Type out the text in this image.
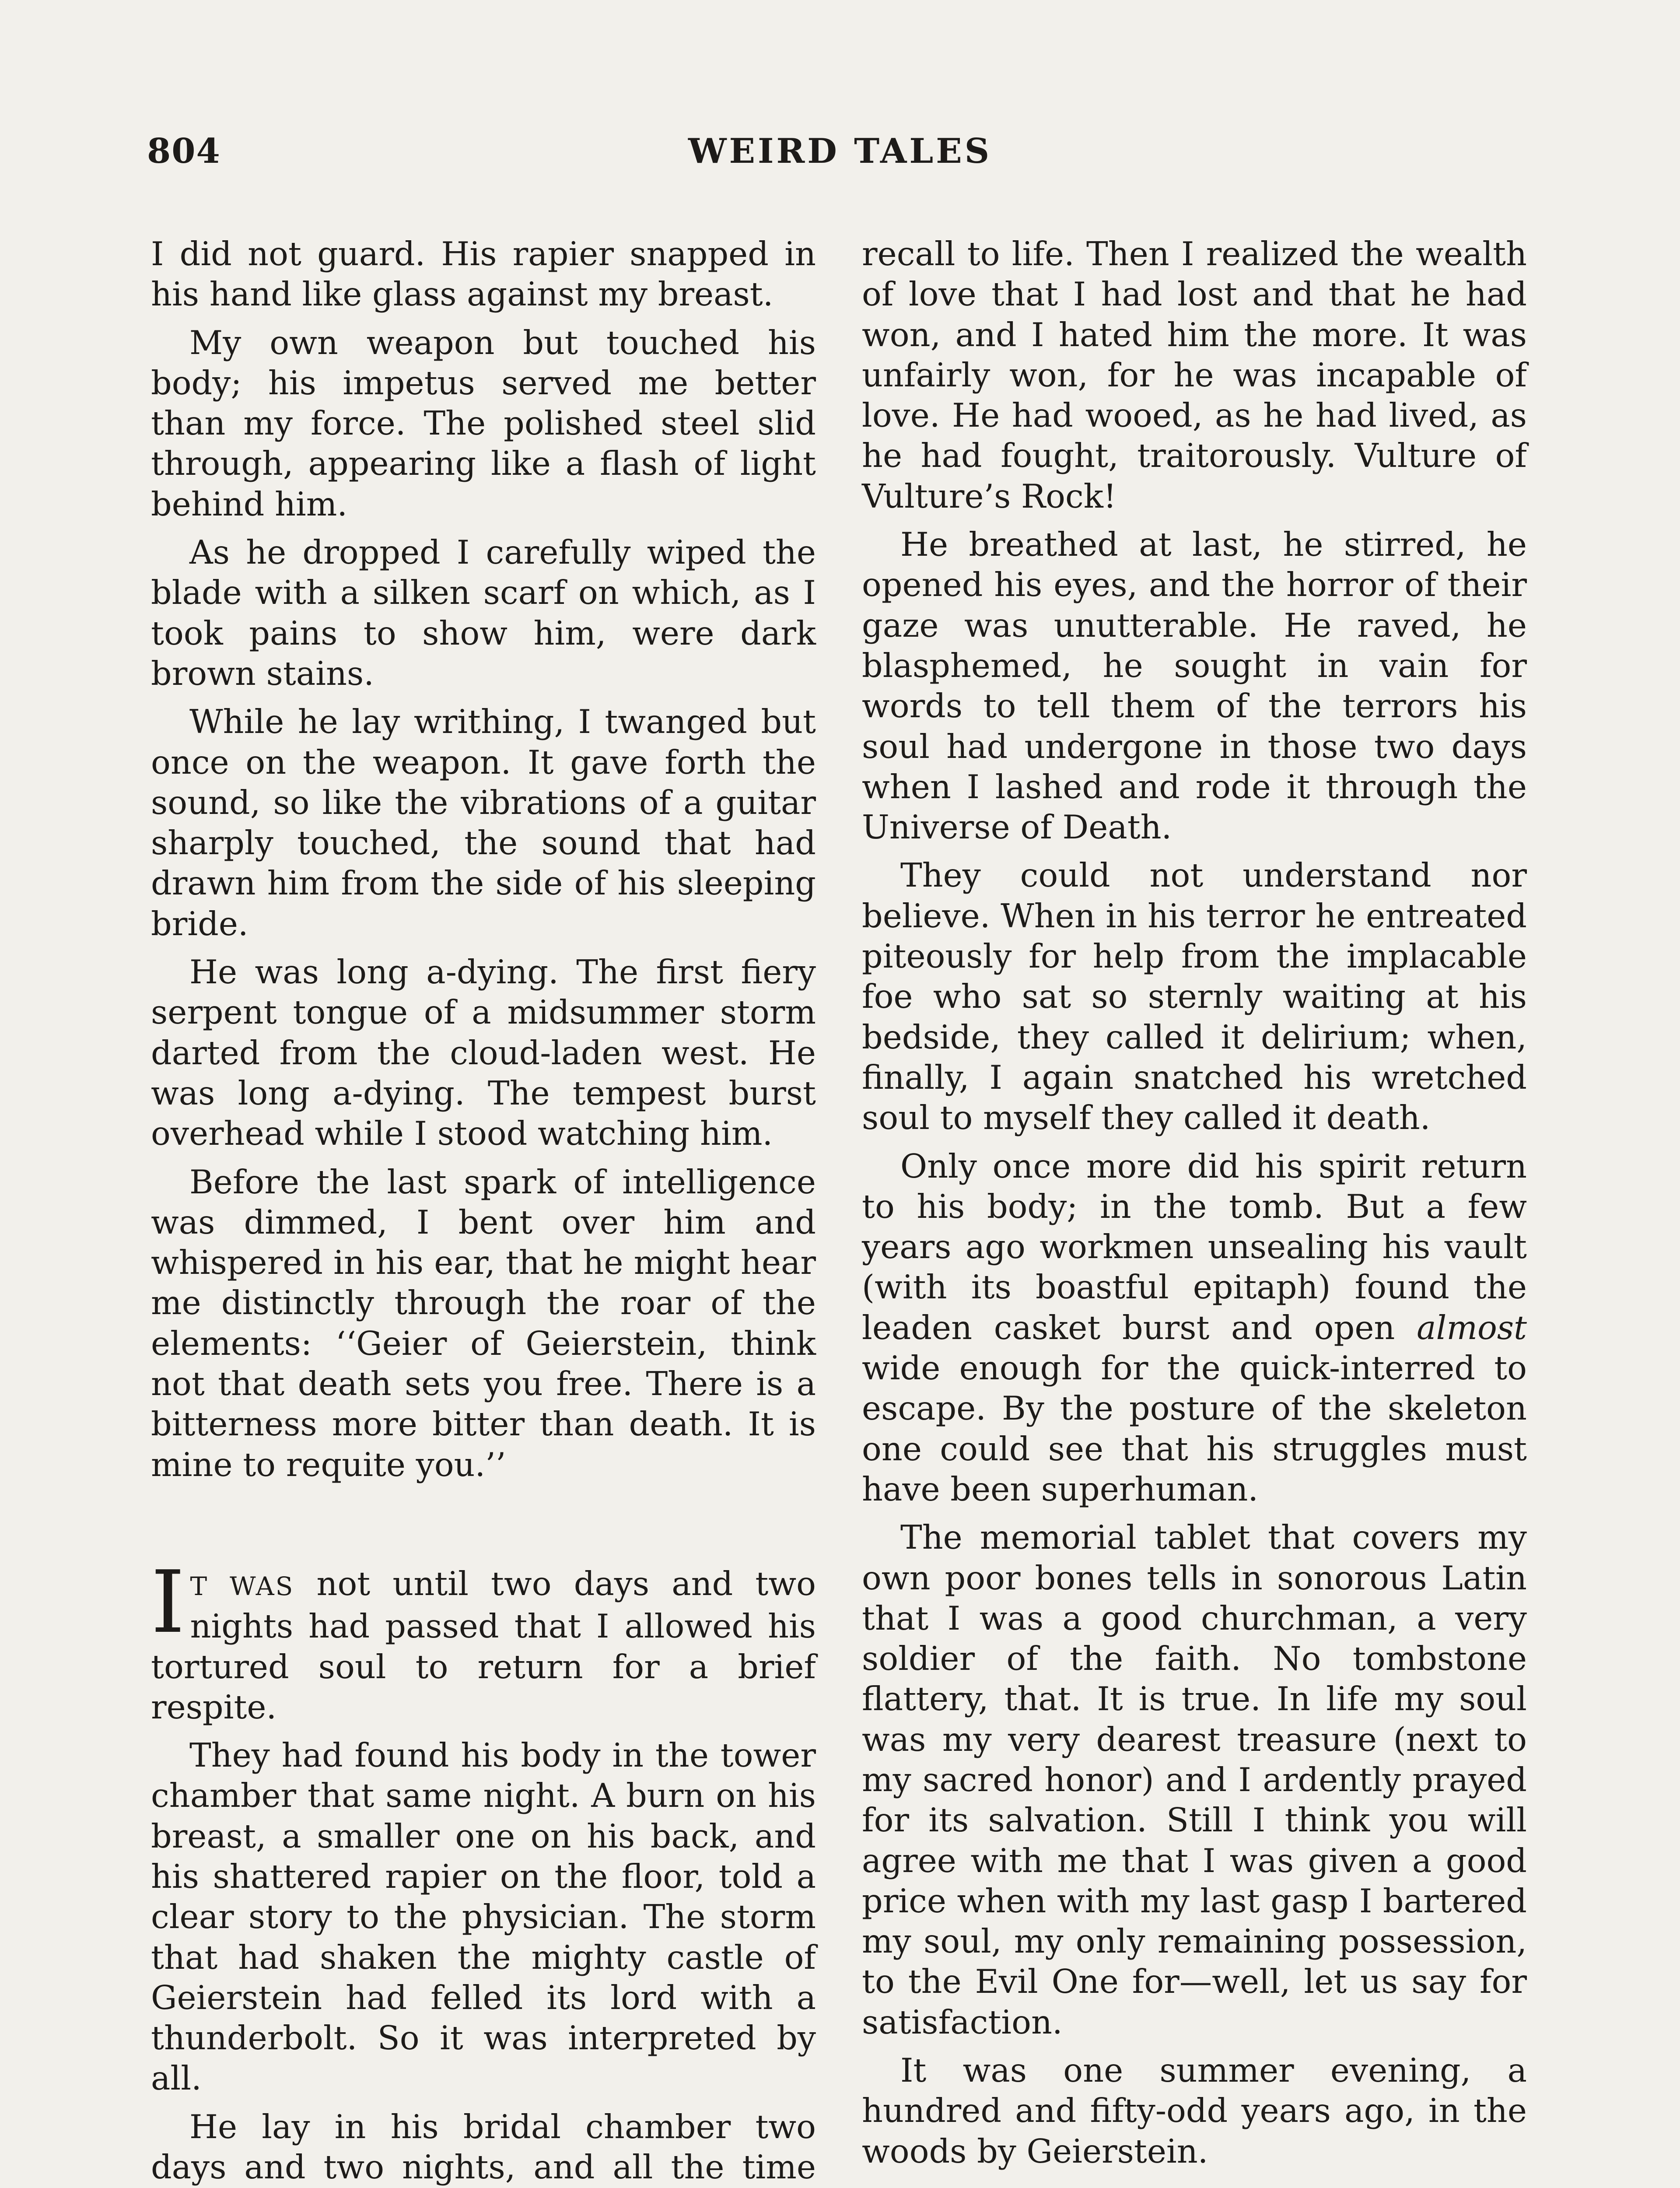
804	WEIRD TALES

I did not guard. His rapier snapped in his hand like glass against my breast.

My own weapon but touched his body; his impetus served me better than my force. The polished steel slid through, appearing like a flash of light behind him.

As he dropped I carefully wiped the blade with a silken scarf on which, as I took pains to show him, were dark brown stains.

While he lay writhing, I twanged but once on the weapon. It gave forth the sound, so like the vibrations of a guitar sharply touched, the sound that had drawn him from the side of his sleeping bride.

He was long a-dying. The first fiery serpent tongue of a midsummer storm darted from the cloud-laden west. He was long a-dying. The tempest burst overhead while I stood watching him.

Before the last spark of intelligence was dimmed, I bent over him and whispered in his ear, that he might hear me distinctly through the roar of the elements: ‘‘Geier of Geierstein, think not that death sets you free. There is a bitterness more bitter than death. It is mine to requite you.’’

I T WAS not until two days and two nights had passed that I allowed his tortured soul to return for a brief respite.

They had found his body in the tower chamber that same night. A burn on his breast, a smaller one on his back, and his shattered rapier on the floor, told a clear story to the physician. The storm that had shaken the mighty castle of Geierstein had felled its lord with a thunderbolt. So it was interpreted by all.

He lay in his bridal chamber two days and two nights, and all the time

recall to life. Then I realized the wealth of love that I had lost and that he had won, and I hated him the more. It was unfairly won, for he was incapable of love. He had wooed, as he had lived, as he had fought, traitorously. Vulture of Vulture’s Rock!

He breathed at last, he stirred, he opened his eyes, and the horror of their gaze was unutterable. He raved, he blasphemed, he sought in vain for words to tell them of the terrors his soul had undergone in those two days when I lashed and rode it through the Universe of Death.

They could not understand nor believe. When in his terror he entreated piteously for help from the implacable foe who sat so sternly waiting at his bedside, they called it delirium; when, finally, I again snatched his wretched soul to myself they called it death.

Only once more did his spirit return to his body; in the tomb. But a few years ago workmen unsealing his vault (with its boastful epitaph) found the leaden casket burst and open almost wide enough for the quick-interred to escape. By the posture of the skeleton one could see that his struggles must have been superhuman.

The memorial tablet that covers my own poor bones tells in sonorous Latin that I was a good churchman, a very soldier of the faith. No tombstone flattery, that. It is true. In life my soul was my very dearest treasure (next to my sacred honor) and I ardently prayed for its salvation. Still I think you will agree with me that I was given a good price when with my last gasp I bartered my soul, my only remaining possession, to the Evil One for—well, let us say for satisfaction.

It was one summer evening, a hundred and fifty-odd years ago, in the woods by Geierstein.
